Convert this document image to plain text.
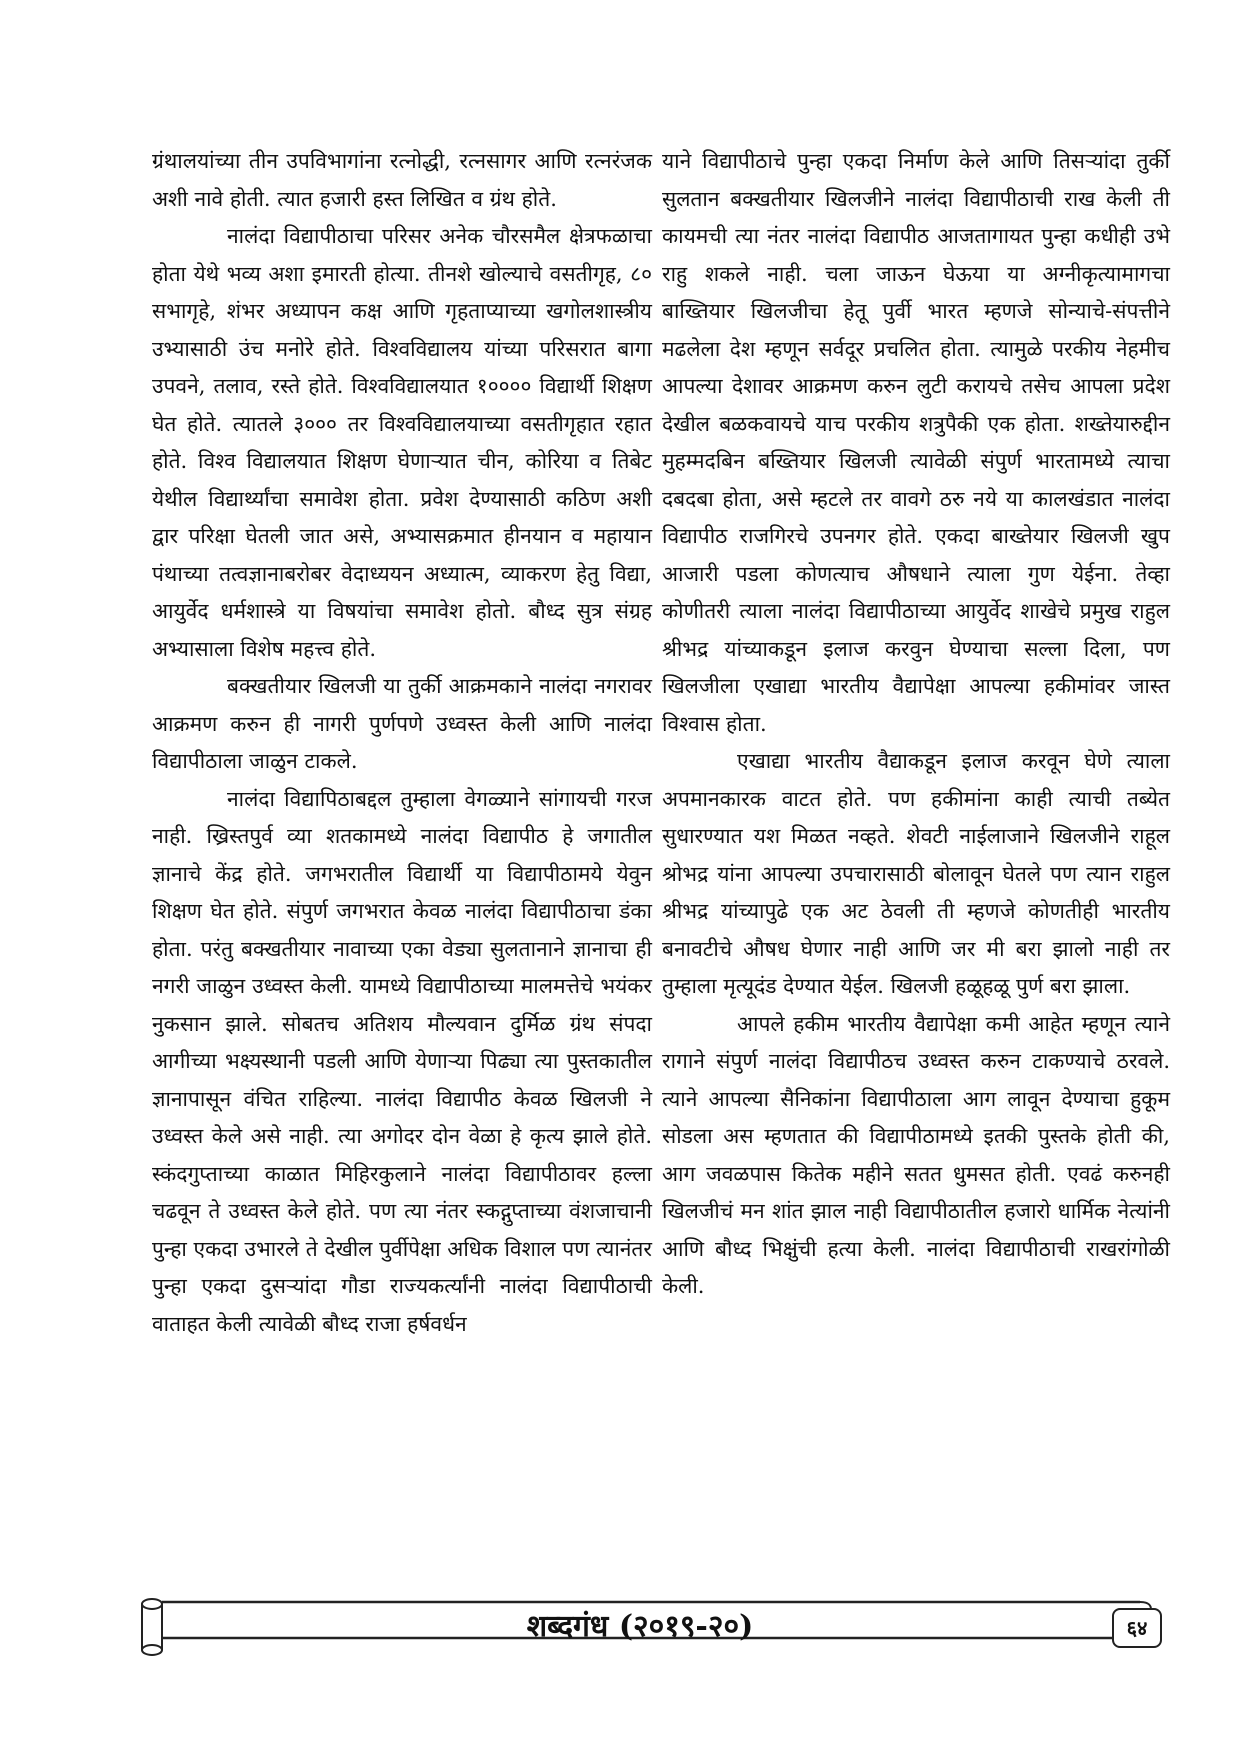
ग्रंथालयांच्या तीन उपविभागांना रत्नोद्धी, रत्नसागर आणि रत्नरंजक अशी नावे होती. त्यात हजारी हस्त लिखित व ग्रंथ होते.

नालंदा विद्यापीठाचा परिसर अनेक चौरसमैल क्षेत्रफळाचा होता येथे भव्य अशा इमारती होत्या. तीनशे खोल्याचे वसतीगृह, ८० सभागृहे, शंभर अध्यापन कक्ष आणि गृहताप्याच्या खगोलशास्त्रीय उभ्यासाठी उंच मनोरे होते. विश्वविद्यालय यांच्या परिसरात बागा उपवने, तलाव, रस्ते होते. विश्वविद्यालयात १०००० विद्यार्थी शिक्षण घेत होते. त्यातले ३००० तर विश्वविद्यालयाच्या वसतीगृहात रहात होते. विश्व विद्यालयात शिक्षण घेणाऱ्यात चीन, कोरिया व तिबेट येथील विद्यार्थ्यांचा समावेश होता. प्रवेश देण्यासाठी कठिण अशी द्वार परिक्षा घेतली जात असे, अभ्यासक्रमात हीनयान व महायान पंथाच्या तत्वज्ञानाबरोबर वेदाध्ययन अध्यात्म, व्याकरण हेतु विद्या, आयुर्वेद धर्मशास्त्रे या विषयांचा समावेश होतो. बौध्द सुत्र संग्रह अभ्यासाला विशेष महत्त्व होते.

बक्खतीयार खिलजी या तुर्की आक्रमकाने नालंदा नगरावर आक्रमण करुन ही नागरी पुर्णपणे उध्वस्त केली आणि नालंदा विद्यापीठाला जाळुन टाकले.

नालंदा विद्यापिठाबद्दल तुम्हाला वेगळ्याने सांगायची गरज नाही. ख्रिस्तपुर्व व्या शतकामध्ये नालंदा विद्यापीठ हे जगातील ज्ञानाचे केंद्र होते. जगभरातील विद्यार्थी या विद्यापीठामये येवुन शिक्षण घेत होते. संपुर्ण जगभरात केवळ नालंदा विद्यापीठाचा डंका होता. परंतु बक्खतीयार नावाच्या एका वेड्या सुलतानाने ज्ञानाचा ही नगरी जाळुन उध्वस्त केली. यामध्ये विद्यापीठाच्या मालमत्तेचे भयंकर नुकसान झाले. सोबतच अतिशय मौल्यवान दुर्मिळ ग्रंथ संपदा आगीच्या भक्ष्यस्थानी पडली आणि येणाऱ्या पिढ्या त्या पुस्तकातील ज्ञानापासून वंचित राहिल्या. नालंदा विद्यापीठ केवळ खिलजी ने उध्वस्त केले असे नाही. त्या अगोदर दोन वेळा हे कृत्य झाले होते. स्कंदगुप्ताच्या काळात मिहिरकुलाने नालंदा विद्यापीठावर हल्ला चढवून ते उध्वस्त केले होते. पण त्या नंतर स्कद्गुप्ताच्या वंशजाचानी पुन्हा एकदा उभारले ते देखील पुर्वीपेक्षा अधिक विशाल पण त्यानंतर पुन्हा एकदा दुसऱ्यांदा गौडा राज्यकर्त्यांनी नालंदा विद्यापीठाची वाताहत केली त्यावेळी बौध्द राजा हर्षवर्धन

याने विद्यापीठाचे पुन्हा एकदा निर्माण केले आणि तिसऱ्यांदा तुर्की सुलतान बक्खतीयार खिलजीने नालंदा विद्यापीठाची राख केली ती कायमची त्या नंतर नालंदा विद्यापीठ आजतागायत पुन्हा कधीही उभे राहु शकले नाही. चला जाऊन घेऊया या अग्नीकृत्यामागचा बाख्तियार खिलजीचा हेतू पुर्वी भारत म्हणजे सोन्याचे-संपत्तीने मढलेला देश म्हणून सर्वदूर प्रचलित होता. त्यामुळे परकीय नेहमीच आपल्या देशावर आक्रमण करुन लुटी करायचे तसेच आपला प्रदेश देखील बळकवायचे याच परकीय शत्रुपैकी एक होता. शख्तेयारुद्दीन मुहम्मदबिन बख्तियार खिलजी त्यावेळी संपुर्ण भारतामध्ये त्याचा दबदबा होता, असे म्हटले तर वावगे ठरु नये या कालखंडात नालंदा विद्यापीठ राजगिरचे उपनगर होते. एकदा बाख्तेयार खिलजी खुप आजारी पडला कोणत्याच औषधाने त्याला गुण येईना. तेव्हा कोणीतरी त्याला नालंदा विद्यापीठाच्या आयुर्वेद शाखेचे प्रमुख राहुल श्रीभद्र यांच्याकडून इलाज करवुन घेण्याचा सल्ला दिला, पण खिलजीला एखाद्या भारतीय वैद्यापेक्षा आपल्या हकीमांवर जास्त विश्वास होता.

एखाद्या भारतीय वैद्याकडून इलाज करवून घेणे त्याला अपमानकारक वाटत होते. पण हकीमांना काही त्याची तब्येत सुधारण्यात यश मिळत नव्हते. शेवटी नाईलाजाने खिलजीने राहूल श्रोभद्र यांना आपल्या उपचारासाठी बोलावून घेतले पण त्यान राहुल श्रीभद्र यांच्यापुढे एक अट ठेवली ती म्हणजे कोणतीही भारतीय बनावटीचे औषध घेणार नाही आणि जर मी बरा झालो नाही तर तुम्हाला मृत्यूदंड देण्यात येईल. खिलजी हळूहळू पुर्ण बरा झाला.

आपले हकीम भारतीय वैद्यापेक्षा कमी आहेत म्हणून त्याने रागाने संपुर्ण नालंदा विद्यापीठच उध्वस्त करुन टाकण्याचे ठरवले. त्याने आपल्या सैनिकांना विद्यापीठाला आग लावून देण्याचा हुकूम सोडला अस म्हणतात की विद्यापीठामध्ये इतकी पुस्तके होती की, आग जवळपास कितेक महीने सतत धुमसत होती. एवढं करुनही खिलजीचं मन शांत झाल नाही विद्यापीठातील हजारो धार्मिक नेत्यांनी आणि बौध्द भिक्षुंची हत्या केली. नालंदा विद्यापीठाची राखरांगोळी केली.

शब्दगंध (२०१९-२०)	६४
